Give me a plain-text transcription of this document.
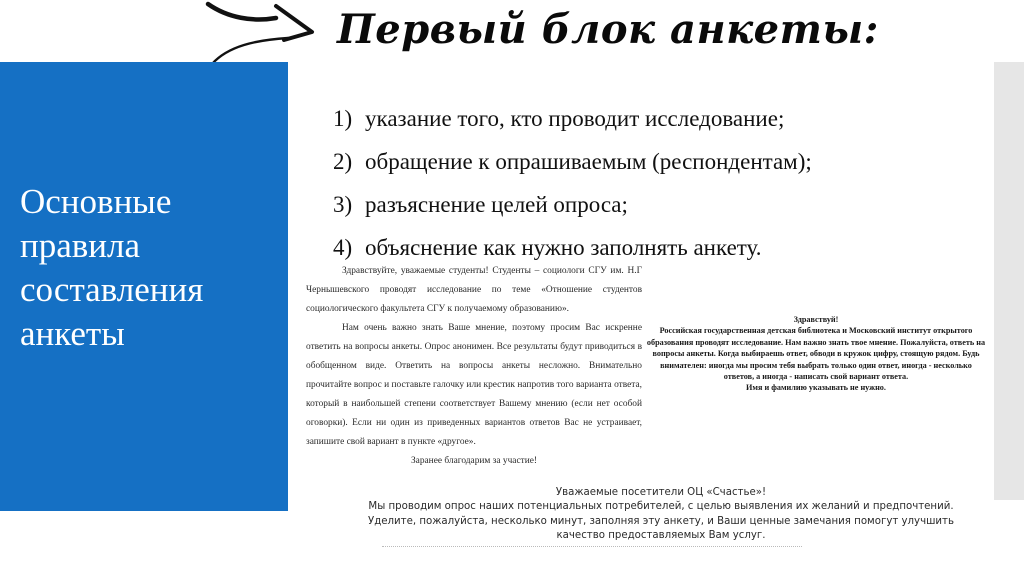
Первый блок анкеты:
Основные
правила
составления
анкеты
1) указание того, кто проводит исследование;
2) обращение к опрашиваемым (респондентам);
3) разъяснение целей опроса;
4) объяснение как нужно заполнять анкету.

Здравствуйте, уважаемые студенты! Студенты – социологи СГУ им. Н.Г Чернышевского проводят исследование по теме «Отношение студентов социологического факультета СГУ к получаемому образованию».

Нам очень важно знать Ваше мнение, поэтому просим Вас искренне ответить на вопросы анкеты. Опрос анонимен. Все результаты будут приводиться в обобщенном виде. Ответить на вопросы анкеты несложно. Внимательно прочитайте вопрос и поставьте галочку или крестик напротив того варианта ответа, который в наибольшей степени соответствует Вашему мнению (если нет особой оговорки). Если ни один из приведенных вариантов ответов Вас не устраивает, запишите свой вариант в пункте «другое».

Заранее благодарим за участие!

Здравствуй!

Российская государственная детская библиотека и Московский институт открытого образования проводят исследование. Нам важно знать твое мнение. Пожалуйста, ответь на вопросы анкеты. Когда выбираешь ответ, обводи в кружок цифру, стоящую рядом. Будь внимателен: иногда мы просим тебя выбрать только один ответ, иногда - несколько ответов, а иногда - написать свой вариант ответа.

Имя и фамилию указывать не нужно.

Уважаемые посетители ОЦ «Счастье»!

Мы проводим опрос наших потенциальных потребителей, с целью выявления их желаний и предпочтений.

Уделите, пожалуйста, несколько минут, заполняя эту анкету, и Ваши ценные замечания помогут улучшить

качество предоставляемых Вам услуг.
